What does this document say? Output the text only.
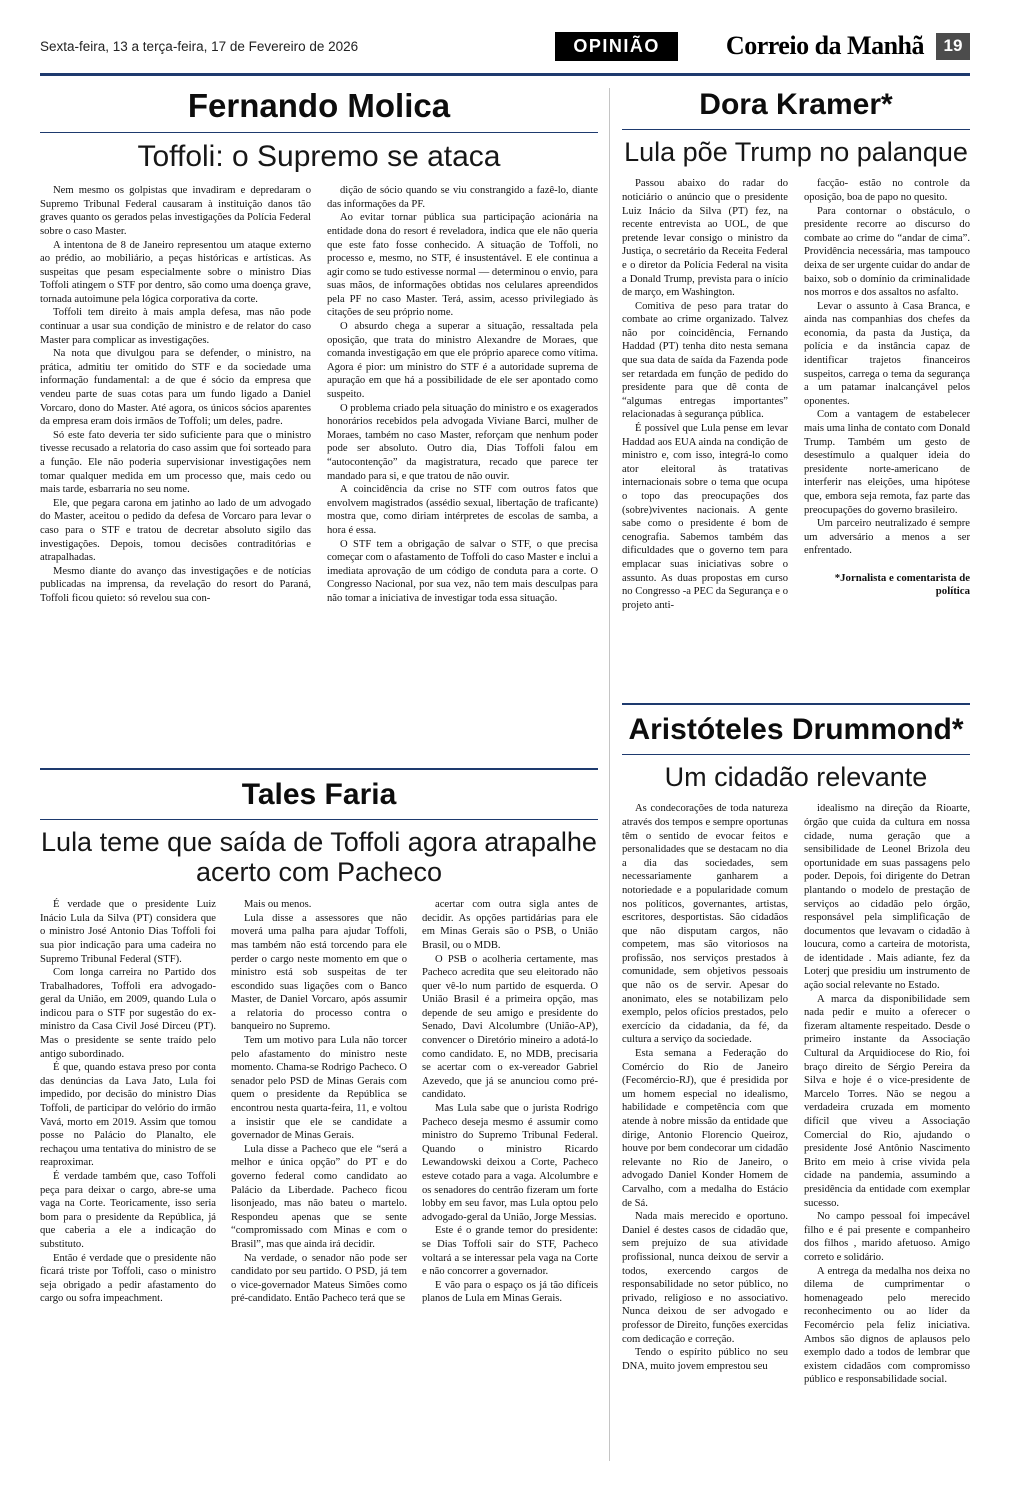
Sexta-feira, 13 a terça-feira, 17 de Fevereiro de 2026	OPINIÃO	Correio da Manhã	19
Fernando Molica
Toffoli: o Supremo se ataca

Nem mesmo os golpistas que invadiram e depredaram o Supremo Tribunal Federal causaram à instituição danos tão graves quanto os gerados pelas investigações da Polícia Federal sobre o caso Master.

A intentona de 8 de Janeiro representou um ataque externo ao prédio, ao mobiliário, a peças históricas e artísticas. As suspeitas que pesam especialmente sobre o ministro Dias Toffoli atingem o STF por dentro, são como uma doença grave, tornada autoimune pela lógica corporativa da corte.

Toffoli tem direito à mais ampla defesa, mas não pode continuar a usar sua condição de ministro e de relator do caso Master para complicar as investigações.

Na nota que divulgou para se defender, o ministro, na prática, admitiu ter omitido do STF e da sociedade uma informação fundamental: a de que é sócio da empresa que vendeu parte de suas cotas para um fundo ligado a Daniel Vorcaro, dono do Master. Até agora, os únicos sócios aparentes da empresa eram dois irmãos de Toffoli; um deles, padre.

Só este fato deveria ter sido suficiente para que o ministro tivesse recusado a relatoria do caso assim que foi sorteado para a função. Ele não poderia supervisionar investigações nem tomar qualquer medida em um processo que, mais cedo ou mais tarde, esbarraria no seu nome.

Ele, que pegara carona em jatinho ao lado de um advogado do Master, aceitou o pedido da defesa de Vorcaro para levar o caso para o STF e tratou de decretar absoluto sigilo das investigações. Depois, tomou decisões contraditórias e atrapalhadas.

Mesmo diante do avanço das investigações e de notícias publicadas na imprensa, da revelação do resort do Paraná, Toffoli ficou quieto: só revelou sua con-

dição de sócio quando se viu constrangido a fazê-lo, diante das informações da PF.

Ao evitar tornar pública sua participação acionária na entidade dona do resort é reveladora, indica que ele não queria que este fato fosse conhecido. A situação de Toffoli, no processo e, mesmo, no STF, é insustentável. E ele continua a agir como se tudo estivesse normal — determinou o envio, para suas mãos, de informações obtidas nos celulares apreendidos pela PF no caso Master. Terá, assim, acesso privilegiado às citações de seu próprio nome.

O absurdo chega a superar a situação, ressaltada pela oposição, que trata do ministro Alexandre de Moraes, que comanda investigação em que ele próprio aparece como vítima. Agora é pior: um ministro do STF é a autoridade suprema de apuração em que há a possibilidade de ele ser apontado como suspeito.

O problema criado pela situação do ministro e os exagerados honorários recebidos pela advogada Viviane Barci, mulher de Moraes, também no caso Master, reforçam que nenhum poder pode ser absoluto. Outro dia, Dias Toffoli falou em “autocontenção” da magistratura, recado que parece ter mandado para si, e que tratou de não ouvir.

A coincidência da crise no STF com outros fatos que envolvem magistrados (assédio sexual, libertação de traficante) mostra que, como diriam intérpretes de escolas de samba, a hora é essa.

O STF tem a obrigação de salvar o STF, o que precisa começar com o afastamento de Toffoli do caso Master e inclui a imediata aprovação de um código de conduta para a corte. O Congresso Nacional, por sua vez, não tem mais desculpas para não tomar a iniciativa de investigar toda essa situação.

Tales Faria
Lula teme que saída de Toffoli agora atrapalhe acerto com Pacheco

É verdade que o presidente Luiz Inácio Lula da Silva (PT) considera que o ministro José Antonio Dias Toffoli foi sua pior indicação para uma cadeira no Supremo Tribunal Federal (STF).

Com longa carreira no Partido dos Trabalhadores, Toffoli era advogado-geral da União, em 2009, quando Lula o indicou para o STF por sugestão do ex-ministro da Casa Civil José Dirceu (PT). Mas o presidente se sente traído pelo antigo subordinado.

É que, quando estava preso por conta das denúncias da Lava Jato, Lula foi impedido, por decisão do ministro Dias Toffoli, de participar do velório do irmão Vavá, morto em 2019. Assim que tomou posse no Palácio do Planalto, ele rechaçou uma tentativa do ministro de se reaproximar.

É verdade também que, caso Toffoli peça para deixar o cargo, abre-se uma vaga na Corte. Teoricamente, isso seria bom para o presidente da República, já que caberia a ele a indicação do substituto.

Então é verdade que o presidente não ficará triste por Toffoli, caso o ministro seja obrigado a pedir afastamento do cargo ou sofra impeachment.

Mais ou menos.

Lula disse a assessores que não moverá uma palha para ajudar Toffoli, mas também não está torcendo para ele perder o cargo neste momento em que o ministro está sob suspeitas de ter escondido suas ligações com o Banco Master, de Daniel Vorcaro, após assumir a relatoria do processo contra o banqueiro no Supremo.

Tem um motivo para Lula não torcer pelo afastamento do ministro neste momento. Chama-se Rodrigo Pacheco. O senador pelo PSD de Minas Gerais com quem o presidente da República se encontrou nesta quarta-feira, 11, e voltou a insistir que ele se candidate a governador de Minas Gerais.

Lula disse a Pacheco que ele “será a melhor e única opção” do PT e do governo federal como candidato ao Palácio da Liberdade. Pacheco ficou lisonjeado, mas não bateu o martelo. Respondeu apenas que se sente “compromissado com Minas e com o Brasil”, mas que ainda irá decidir.

Na verdade, o senador não pode ser candidato por seu partido. O PSD, já tem o vice-governador Mateus Simões como pré-candidato. Então Pacheco terá que se

acertar com outra sigla antes de decidir. As opções partidárias para ele em Minas Gerais são o PSB, o União Brasil, ou o MDB.

O PSB o acolheria certamente, mas Pacheco acredita que seu eleitorado não quer vê-lo num partido de esquerda. O União Brasil é a primeira opção, mas depende de seu amigo e presidente do Senado, Davi Alcolumbre (União-AP), convencer o Diretório mineiro a adotá-lo como candidato. E, no MDB, precisaria se acertar com o ex-vereador Gabriel Azevedo, que já se anunciou como pré-candidato.

Mas Lula sabe que o jurista Rodrigo Pacheco deseja mesmo é assumir como ministro do Supremo Tribunal Federal. Quando o ministro Ricardo Lewandowski deixou a Corte, Pacheco esteve cotado para a vaga. Alcolumbre e os senadores do centrão fizeram um forte lobby em seu favor, mas Lula optou pelo advogado-geral da União, Jorge Messias.

Este é o grande temor do presidente: se Dias Toffoli sair do STF, Pacheco voltará a se interessar pela vaga na Corte e não concorrer a governador.

E vão para o espaço os já tão difíceis planos de Lula em Minas Gerais.

Dora Kramer*
Lula põe Trump no palanque

Passou abaixo do radar do noticiário o anúncio que o presidente Luiz Inácio da Silva (PT) fez, na recente entrevista ao UOL, de que pretende levar consigo o ministro da Justiça, o secretário da Receita Federal e o diretor da Polícia Federal na visita a Donald Trump, prevista para o início de março, em Washington.

Comitiva de peso para tratar do combate ao crime organizado. Talvez não por coincidência, Fernando Haddad (PT) tenha dito nesta semana que sua data de saída da Fazenda pode ser retardada em função de pedido do presidente para que dê conta de “algumas entregas importantes” relacionadas à segurança pública.

É possível que Lula pense em levar Haddad aos EUA ainda na condição de ministro e, com isso, integrá-lo como ator eleitoral às tratativas internacionais sobre o tema que ocupa o topo das preocupações dos (sobre)viventes nacionais. A gente sabe como o presidente é bom de cenografia. Sabemos também das dificuldades que o governo tem para emplacar suas iniciativas sobre o assunto. As duas propostas em curso no Congresso -a PEC da Segurança e o projeto anti-

facção- estão no controle da oposição, boa de papo no quesito.

Para contornar o obstáculo, o presidente recorre ao discurso do combate ao crime do “andar de cima”. Providência necessária, mas tampouco deixa de ser urgente cuidar do andar de baixo, sob o domínio da criminalidade nos morros e dos assaltos no asfalto.

Levar o assunto à Casa Branca, e ainda nas companhias dos chefes da economia, da pasta da Justiça, da polícia e da instância capaz de identificar trajetos financeiros suspeitos, carrega o tema da segurança a um patamar inalcançável pelos oponentes.

Com a vantagem de estabelecer mais uma linha de contato com Donald Trump. Também um gesto de desestímulo a qualquer ideia do presidente norte-americano de interferir nas eleições, uma hipótese que, embora seja remota, faz parte das preocupações do governo brasileiro.

Um parceiro neutralizado é sempre um adversário a menos a ser enfrentado.

*Jornalista e comentarista de política
Aristóteles Drummond*
Um cidadão relevante

As condecorações de toda natureza através dos tempos e sempre oportunas têm o sentido de evocar feitos e personalidades que se destacam no dia a dia das sociedades, sem necessariamente ganharem a notoriedade e a popularidade comum nos políticos, governantes, artistas, escritores, desportistas. São cidadãos que não disputam cargos, não competem, mas são vitoriosos na profissão, nos serviços prestados à comunidade, sem objetivos pessoais que não os de servir. Apesar do anonimato, eles se notabilizam pelo exemplo, pelos ofícios prestados, pelo exercício da cidadania, da fé, da cultura a serviço da sociedade.

Esta semana a Federação do Comércio do Rio de Janeiro (Fecomércio-RJ), que é presidida por um homem especial no idealismo, habilidade e competência com que atende à nobre missão da entidade que dirige, Antonio Florencio Queiroz, houve por bem condecorar um cidadão relevante no Rio de Janeiro, o advogado Daniel Konder Homem de Carvalho, com a medalha do Estácio de Sá.

Nada mais merecido e oportuno. Daniel é destes casos de cidadão que, sem prejuízo de sua atividade profissional, nunca deixou de servir a todos, exercendo cargos de responsabilidade no setor público, no privado, religioso e no associativo. Nunca deixou de ser advogado e professor de Direito, funções exercidas com dedicação e correção.

Tendo o espírito público no seu DNA, muito jovem emprestou seu

idealismo na direção da Rioarte, órgão que cuida da cultura em nossa cidade, numa geração que a sensibilidade de Leonel Brizola deu oportunidade em suas passagens pelo poder. Depois, foi dirigente do Detran plantando o modelo de prestação de serviços ao cidadão pelo órgão, responsável pela simplificação de documentos que levavam o cidadão à loucura, como a carteira de motorista, de identidade . Mais adiante, fez da Loterj que presidiu um instrumento de ação social relevante no Estado.

A marca da disponibilidade sem nada pedir e muito a oferecer o fizeram altamente respeitado. Desde o primeiro instante da Associação Cultural da Arquidiocese do Rio, foi braço direito de Sérgio Pereira da Silva e hoje é o vice-presidente de Marcelo Torres. Não se negou a verdadeira cruzada em momento difícil que viveu a Associação Comercial do Rio, ajudando o presidente José Antônio Nascimento Brito em meio à crise vivida pela cidade na pandemia, assumindo a presidência da entidade com exemplar sucesso.

No campo pessoal foi impecável filho e é pai presente e companheiro dos filhos , marido afetuoso. Amigo correto e solidário.

A entrega da medalha nos deixa no dilema de cumprimentar o homenageado pelo merecido reconhecimento ou ao líder da Fecomércio pela feliz iniciativa. Ambos são dignos de aplausos pelo exemplo dado a todos de lembrar que existem cidadãos com compromisso público e responsabilidade social.
